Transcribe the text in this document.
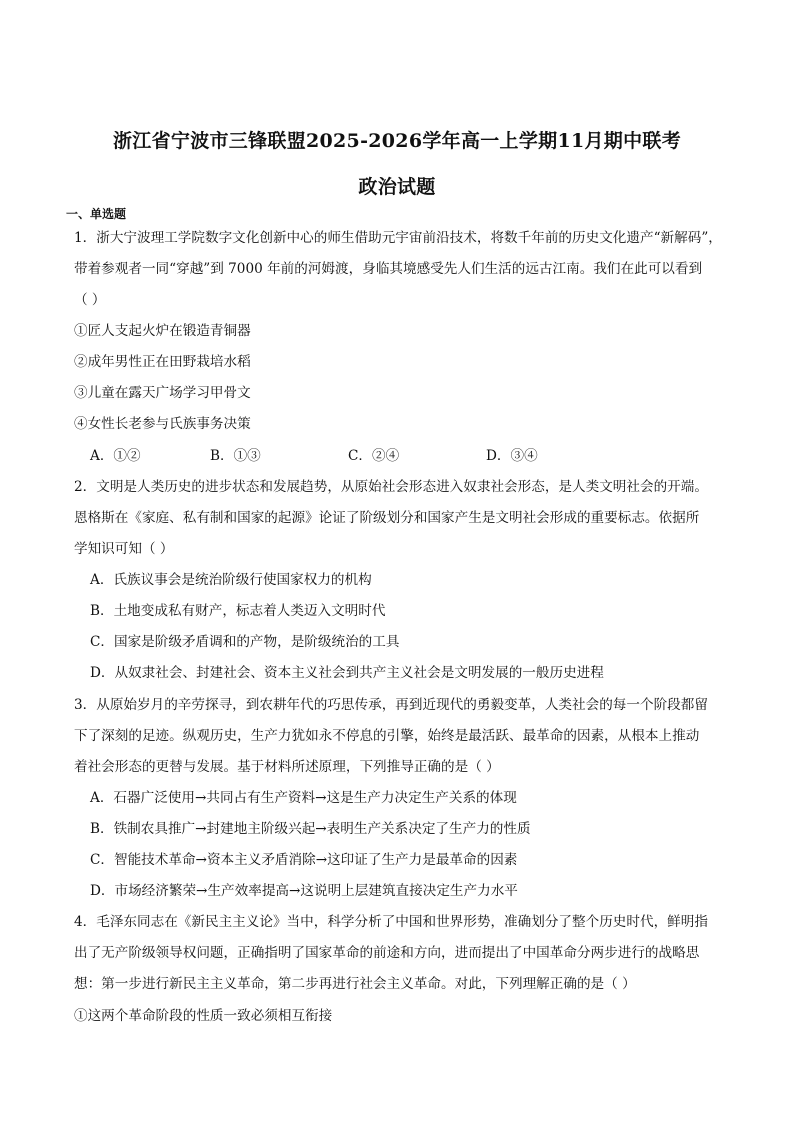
浙江省宁波市三锋联盟2025-2026学年高一上学期11月期中联考
政治试题
一、单选题
1．浙大宁波理工学院数字文化创新中心的师生借助元宇宙前沿技术，将数千年前的历史文化遗产“新解码”，
带着参观者一同“穿越”到 7000 年前的河姆渡，身临其境感受先人们生活的远古江南。我们在此可以看到
（ ）
①匠人支起火炉在锻造青铜器
②成年男性正在田野栽培水稻
③儿童在露天广场学习甲骨文
④女性长老参与氏族事务决策
A．①②	B．①③	C．②④	D．③④
2．文明是人类历史的进步状态和发展趋势，从原始社会形态进入奴隶社会形态，是人类文明社会的开端。
恩格斯在《家庭、私有制和国家的起源》论证了阶级划分和国家产生是文明社会形成的重要标志。依据所
学知识可知（ ）
A．氏族议事会是统治阶级行使国家权力的机构
B．土地变成私有财产，标志着人类迈入文明时代
C．国家是阶级矛盾调和的产物，是阶级统治的工具
D．从奴隶社会、封建社会、资本主义社会到共产主义社会是文明发展的一般历史进程
3．从原始岁月的辛劳探寻，到农耕年代的巧思传承，再到近现代的勇毅变革，人类社会的每一个阶段都留
下了深刻的足迹。纵观历史，生产力犹如永不停息的引擎，始终是最活跃、最革命的因素，从根本上推动
着社会形态的更替与发展。基于材料所述原理，下列推导正确的是（ ）
A．石器广泛使用→共同占有生产资料→这是生产力决定生产关系的体现
B．铁制农具推广→封建地主阶级兴起→表明生产关系决定了生产力的性质
C．智能技术革命→资本主义矛盾消除→这印证了生产力是最革命的因素
D．市场经济繁荣→生产效率提高→这说明上层建筑直接决定生产力水平
4．毛泽东同志在《新民主主义论》当中，科学分析了中国和世界形势，准确划分了整个历史时代，鲜明指
出了无产阶级领导权问题，正确指明了国家革命的前途和方向，进而提出了中国革命分两步进行的战略思
想：第一步进行新民主主义革命，第二步再进行社会主义革命。对此，下列理解正确的是（ ）
①这两个革命阶段的性质一致必须相互衔接
